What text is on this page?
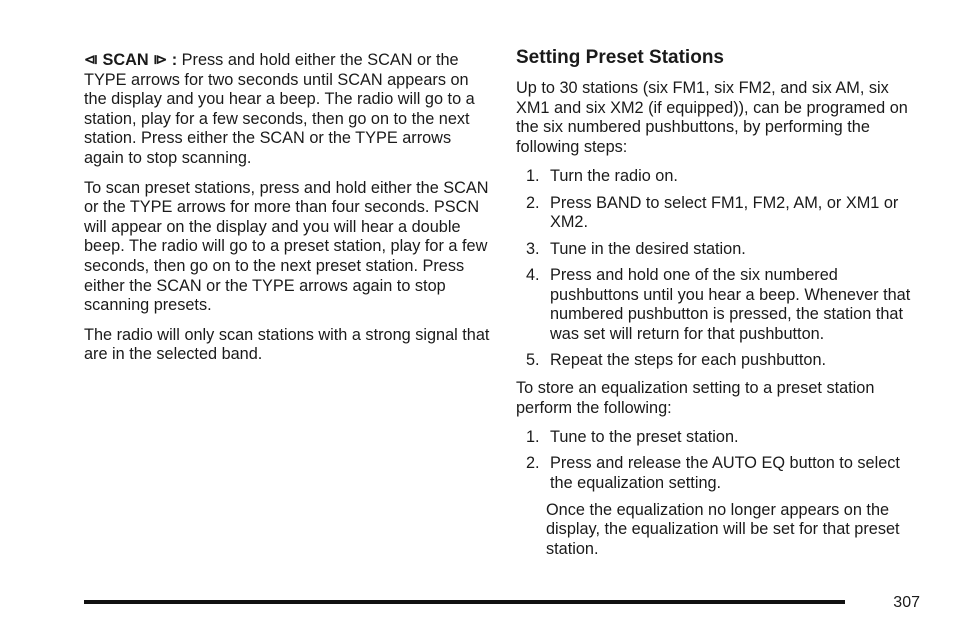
⧏ SCAN ⧐ : Press and hold either the SCAN or the TYPE arrows for two seconds until SCAN appears on the display and you hear a beep. The radio will go to a station, play for a few seconds, then go on to the next station. Press either the SCAN or the TYPE arrows again to stop scanning.

To scan preset stations, press and hold either the SCAN or the TYPE arrows for more than four seconds. PSCN will appear on the display and you will hear a double beep. The radio will go to a preset station, play for a few seconds, then go on to the next preset station. Press either the SCAN or the TYPE arrows again to stop scanning presets.

The radio will only scan stations with a strong signal that are in the selected band.

Setting Preset Stations

Up to 30 stations (six FM1, six FM2, and six AM, six XM1 and six XM2 (if equipped)), can be programed on the six numbered pushbuttons, by performing the following steps:

1. Turn the radio on.
2. Press BAND to select FM1, FM2, AM, or XM1 or XM2.
3. Tune in the desired station.
4. Press and hold one of the six numbered pushbuttons until you hear a beep. Whenever that numbered pushbutton is pressed, the station that was set will return for that pushbutton.
5. Repeat the steps for each pushbutton.

To store an equalization setting to a preset station perform the following:

1. Tune to the preset station.
2. Press and release the AUTO EQ button to select the equalization setting.

Once the equalization no longer appears on the display, the equalization will be set for that preset station.

307
